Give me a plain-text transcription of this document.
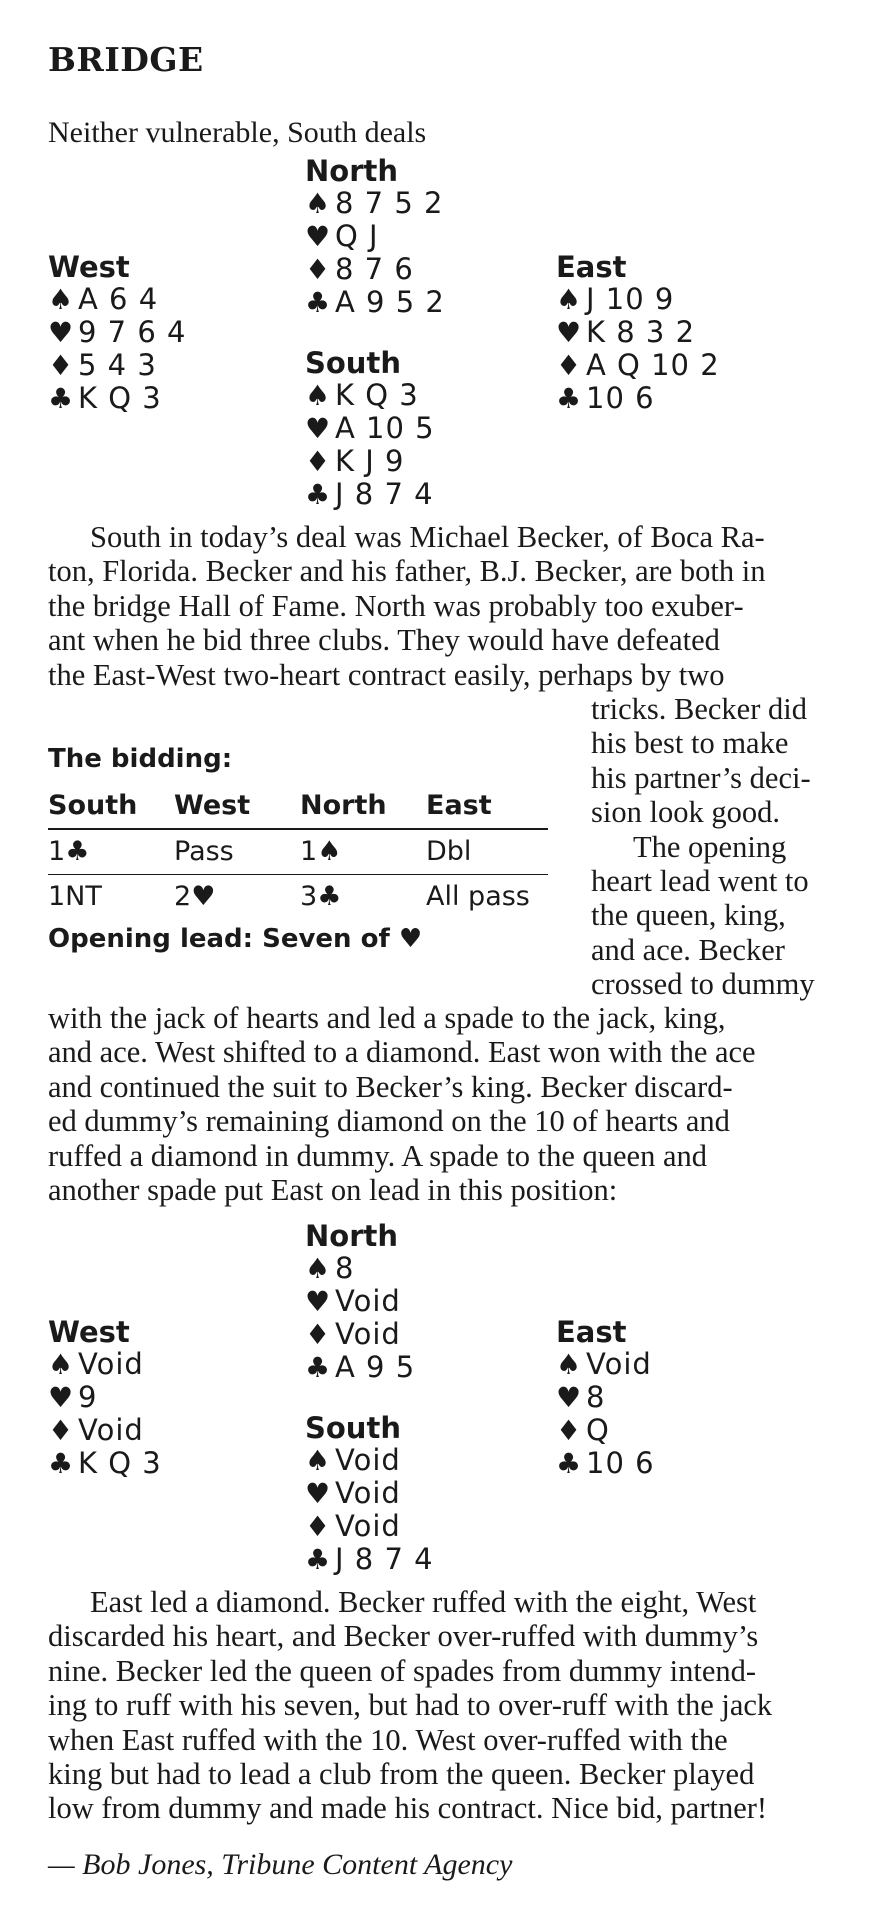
BRIDGE
Neither vulnerable, South deals
North
♠ 8 7 5 2
♥ Q J
♦ 8 7 6
♣ A 9 5 2
West
♠ A 6 4
♥ 9 7 6 4
♦ 5 4 3
♣ K Q 3
East
♠ J 10 9
♥ K 8 3 2
♦ A Q 10 2
♣ 10 6
South
♠ K Q 3
♥ A 10 5
♦ K J 9
♣ J 8 7 4
South in today’s deal was Michael Becker, of Boca Ra-
ton, Florida. Becker and his father, B.J. Becker, are both in
the bridge Hall of Fame. North was probably too exuber-
ant when he bid three clubs. They would have defeated
the East-West two-heart contract easily, perhaps by two
tricks. Becker did
his best to make
his partner’s deci-
sion look good.
The opening
heart lead went to
the queen, king,
and ace. Becker
crossed to dummy
The bidding:
South West North East
1♣	Pass 1♠	Dbl
1NT	2♥	3♣	All pass
Opening lead: Seven of ♥
with the jack of hearts and led a spade to the jack, king,
and ace. West shifted to a diamond. East won with the ace
and continued the suit to Becker’s king. Becker discard-
ed dummy’s remaining diamond on the 10 of hearts and
ruffed a diamond in dummy. A spade to the queen and
another spade put East on lead in this position:
North
♠ 8
♥ Void
♦ Void
♣ A 9 5
West
♠ Void
♥ 9
♦ Void
♣ K Q 3
East
♠ Void
♥ 8
♦ Q
♣ 10 6
South
♠ Void
♥ Void
♦ Void
♣ J 8 7 4
East led a diamond. Becker ruffed with the eight, West
discarded his heart, and Becker over-ruffed with dummy’s
nine. Becker led the queen of spades from dummy intend-
ing to ruff with his seven, but had to over-ruff with the jack
when East ruffed with the 10. West over-ruffed with the
king but had to lead a club from the queen. Becker played
low from dummy and made his contract. Nice bid, partner!
— Bob Jones, Tribune Content Agency
